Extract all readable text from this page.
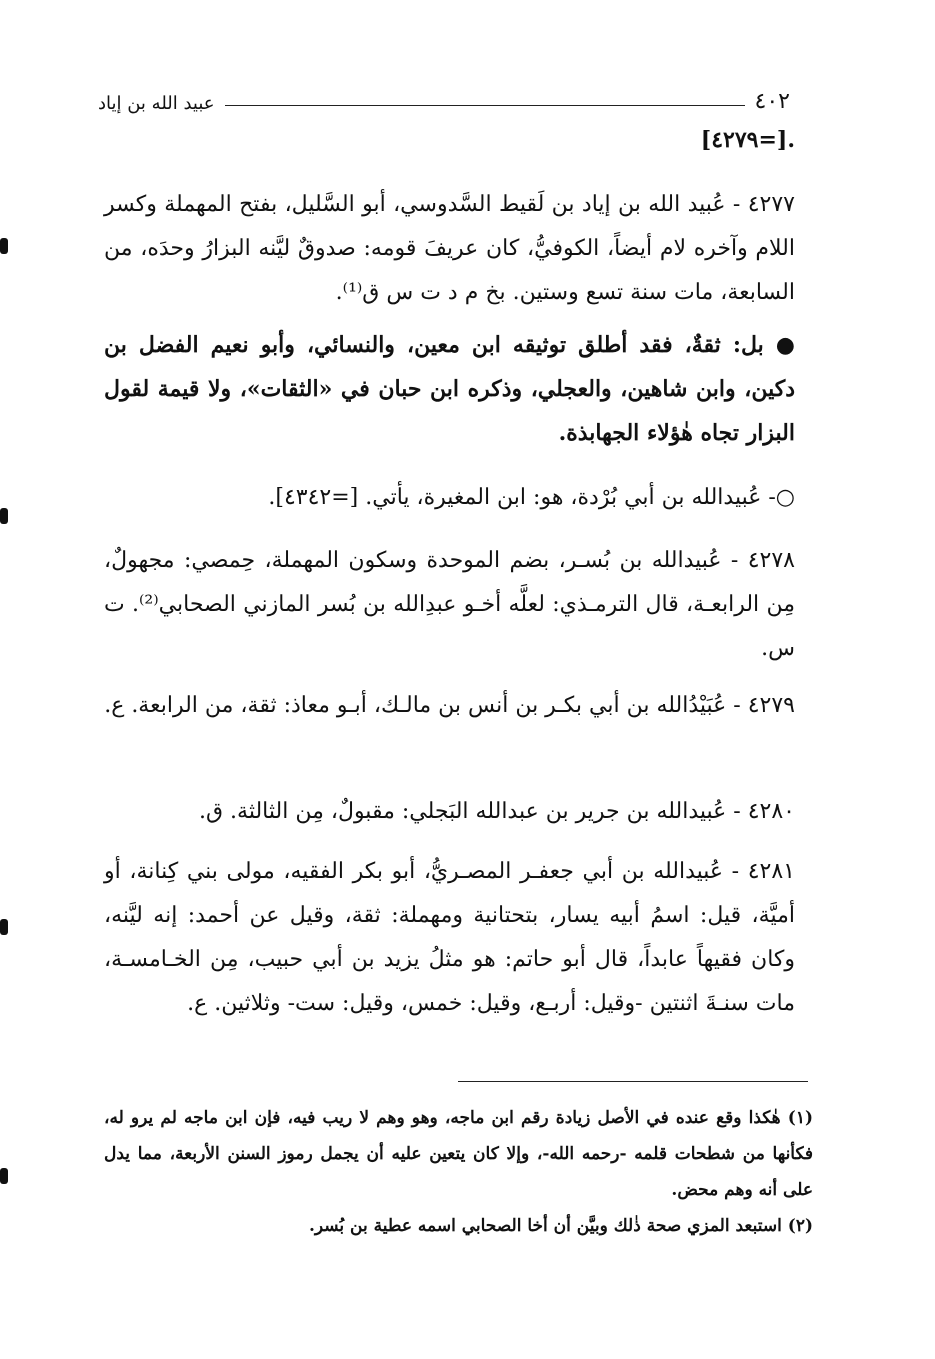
٤٠٢
عبيد الله بن إياد
.[=٤٢٧٩]
٤٢٧٧ - عُبيد الله بن إياد بن لَقيط السَّدوسي، أبو السَّليل، بفتح المهملة وكسر اللام وآخره لام أيضاً، الكوفيُّ، كان عريفَ قومه: صدوقٌ ليَّنه البزارُ وحدَه، من السابعة، مات سنة تسع وستين. بخ م د ت س ق⁽¹⁾.
● بل: ثقةٌ، فقد أطلق توثيقه ابن معين، والنسائي، وأبو نعيم الفضل بن دكين، وابن شاهين، والعجلي، وذكره ابن حبان في «الثقات»، ولا قيمة لقول البزار تجاه هٰؤلاء الجهابذة.
○- عُبيدالله بن أبي بُرْدة، هو: ابن المغيرة، يأتي. [=٤٣٤٢].
٤٢٧٨ - عُبيدالله بن بُسـر، بضم الموحدة وسكون المهملة، حِمصي: مجهولٌ، مِن الرابعـة، قال الترمـذي: لعلَّه أخـو عبدِالله بن بُسر المازني الصحابي⁽²⁾. ت س.
٤٢٧٩ - عُبَيْدُالله بن أبي بكـر بن أنس بن مالـك، أبـو معاذ: ثقة، من الرابعة. ع.
٤٢٨٠ - عُبيدالله بن جرير بن عبدالله البَجلي: مقبولٌ، مِن الثالثة. ق.
٤٢٨١ - عُبيدالله بن أبي جعفـر المصـريُّ، أبو بكر الفقيه، مولى بني كِنانة، أو أميَّة، قيل: اسمُ أبيه يسار، بتحتانية ومهملة: ثقة، وقيل عن أحمد: إنه ليَّنه، وكان فقيهاً عابداً، قال أبو حاتم: هو مثلُ يزيد بن أبي حبيب، مِن الخـامسـة، مات سنـةَ اثنتين -وقيل: أربـع، وقيل: خمس، وقيل: ست- وثلاثين. ع.

(١) هٰكذا وقع عنده في الأصل زيادة رقم ابن ماجه، وهو وهم لا ريب فيه، فإن ابن ماجه لم يرو له، فكأنها من شطحات قلمه -رحمه الله-، وإلا كان يتعين عليه أن يجمل رموز السنن الأربعة، مما يدل على أنه وهم محض.

(٢) استبعد المزي صحة ذٰلك وبيَّن أن أخا الصحابي اسمه عطية بن بُسر.
